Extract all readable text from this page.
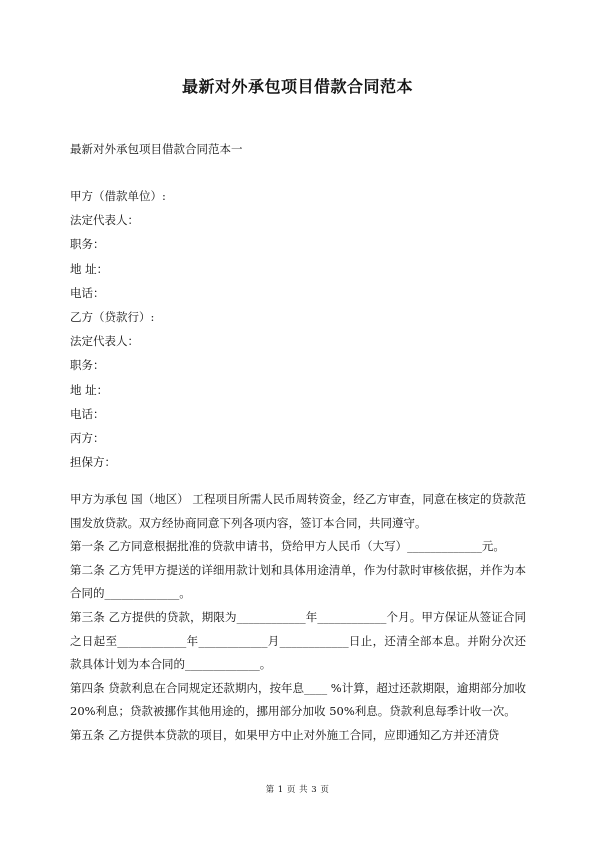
最新对外承包项目借款合同范本
最新对外承包项目借款合同范本一
甲方（借款单位）:
法定代表人：
职务：
地 址：
电话：
乙方（贷款行）:
法定代表人：
职务：
地 址：
电话：
丙方：
担保方：

甲方为承包 国（地区） 工程项目所需人民币周转资金，经乙方审查，同意在核定的贷款范围发放贷款。双方经协商同意下列各项内容，签订本合同，共同遵守。

第一条 乙方同意根据批准的贷款申请书，贷给甲方人民币（大写）_____________元。

第二条 乙方凭甲方提送的详细用款计划和具体用途清单，作为付款时审核依据，并作为本合同的_____________。

第三条 乙方提供的贷款，期限为____________年____________个月。甲方保证从签证合同之日起至____________年____________月____________日止，还清全部本息。并附分次还款具体计划为本合同的_____________。

第四条 贷款利息在合同规定还款期内，按年息____ %计算，超过还款期限，逾期部分加收 20%利息；贷款被挪作其他用途的，挪用部分加收 50%利息。贷款利息每季计收一次。

第五条 乙方提供本贷款的项目，如果甲方中止对外施工合同，应即通知乙方并还清贷

第 1 页 共 3 页
